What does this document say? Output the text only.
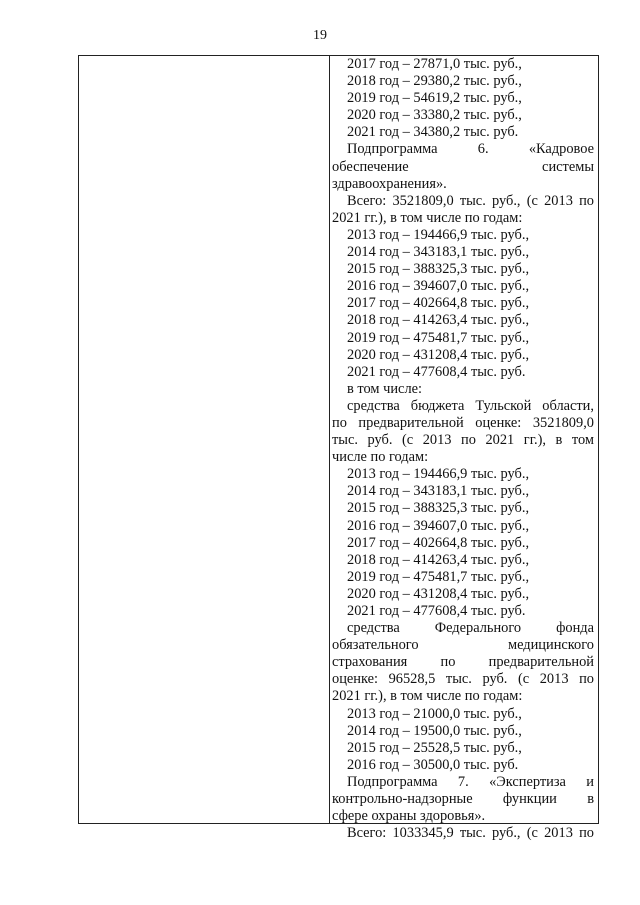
19
2017 год – 27871,0 тыс. руб.,
2018 год – 29380,2 тыс. руб.,
2019 год – 54619,2 тыс. руб.,
2020 год – 33380,2 тыс. руб.,
2021 год – 34380,2 тыс. руб.
Подпрограмма 6. «Кадровое
обеспечение системы
здравоохранения».
Всего: 3521809,0 тыс. руб., (с 2013 по
2021 гг.), в том числе по годам:
2013 год – 194466,9 тыс. руб.,
2014 год – 343183,1 тыс. руб.,
2015 год – 388325,3 тыс. руб.,
2016 год – 394607,0 тыс. руб.,
2017 год – 402664,8 тыс. руб.,
2018 год – 414263,4 тыс. руб.,
2019 год – 475481,7 тыс. руб.,
2020 год – 431208,4 тыс. руб.,
2021 год – 477608,4 тыс. руб.
в том числе:
средства бюджета Тульской области,
по предварительной оценке: 3521809,0
тыс. руб. (с 2013 по 2021 гг.), в том
числе по годам:
2013 год – 194466,9 тыс. руб.,
2014 год – 343183,1 тыс. руб.,
2015 год – 388325,3 тыс. руб.,
2016 год – 394607,0 тыс. руб.,
2017 год – 402664,8 тыс. руб.,
2018 год – 414263,4 тыс. руб.,
2019 год – 475481,7 тыс. руб.,
2020 год – 431208,4 тыс. руб.,
2021 год – 477608,4 тыс. руб.
средства Федерального фонда
обязательного медицинского
страхования по предварительной
оценке: 96528,5 тыс. руб. (с 2013 по
2021 гг.), в том числе по годам:
2013 год – 21000,0 тыс. руб.,
2014 год – 19500,0 тыс. руб.,
2015 год – 25528,5 тыс. руб.,
2016 год – 30500,0 тыс. руб.
Подпрограмма 7. «Экспертиза и
контрольно-надзорные функции в
сфере охраны здоровья».
Всего: 1033345,9 тыс. руб., (с 2013 по
